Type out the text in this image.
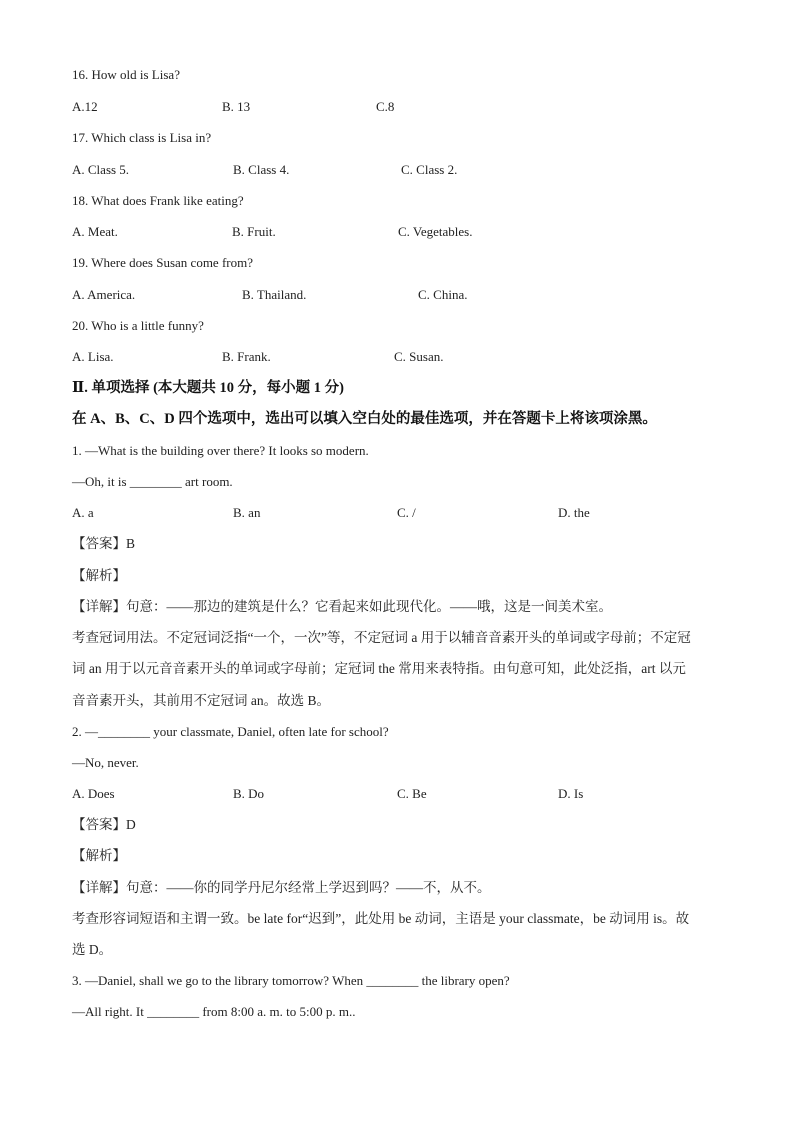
16. How old is Lisa?
A.12	B. 13	C.8
17. Which class is Lisa in?
A. Class 5.	B. Class 4.	C. Class 2.
18. What does Frank like eating?
A. Meat.	B. Fruit.	C. Vegetables.
19. Where does Susan come from?
A. America.	B. Thailand.	C. China.
20. Who is a little funny?
A. Lisa.	B. Frank.	C. Susan.
Ⅱ. 单项选择 (本大题共 10 分，每小题 1 分)
在 A、B、C、D 四个选项中，选出可以填入空白处的最佳选项，并在答题卡上将该项涂黑。
1. —What is the building over there? It looks so modern.
—Oh, it is ________ art room.
A. a	B. an	C. /	D. the
【答案】B
【解析】
【详解】句意：——那边的建筑是什么？它看起来如此现代化。——哦，这是一间美术室。
考查冠词用法。不定冠词泛指“一个，一次”等，不定冠词 a 用于以辅音音素开头的单词或字母前；不定冠
词 an 用于以元音音素开头的单词或字母前；定冠词 the 常用来表特指。由句意可知，此处泛指，art 以元
音音素开头，其前用不定冠词 an。故选 B。
2. —________ your classmate, Daniel, often late for school?
—No, never.
A. Does	B. Do	C. Be	D. Is
【答案】D
【解析】
【详解】句意：——你的同学丹尼尔经常上学迟到吗？——不，从不。
考查形容词短语和主谓一致。be late for“迟到”，此处用 be 动词，主语是 your classmate，be 动词用 is。故
选 D。
3. —Daniel, shall we go to the library tomorrow? When ________ the library open?
—All right. It ________ from 8:00 a. m. to 5:00 p. m..
